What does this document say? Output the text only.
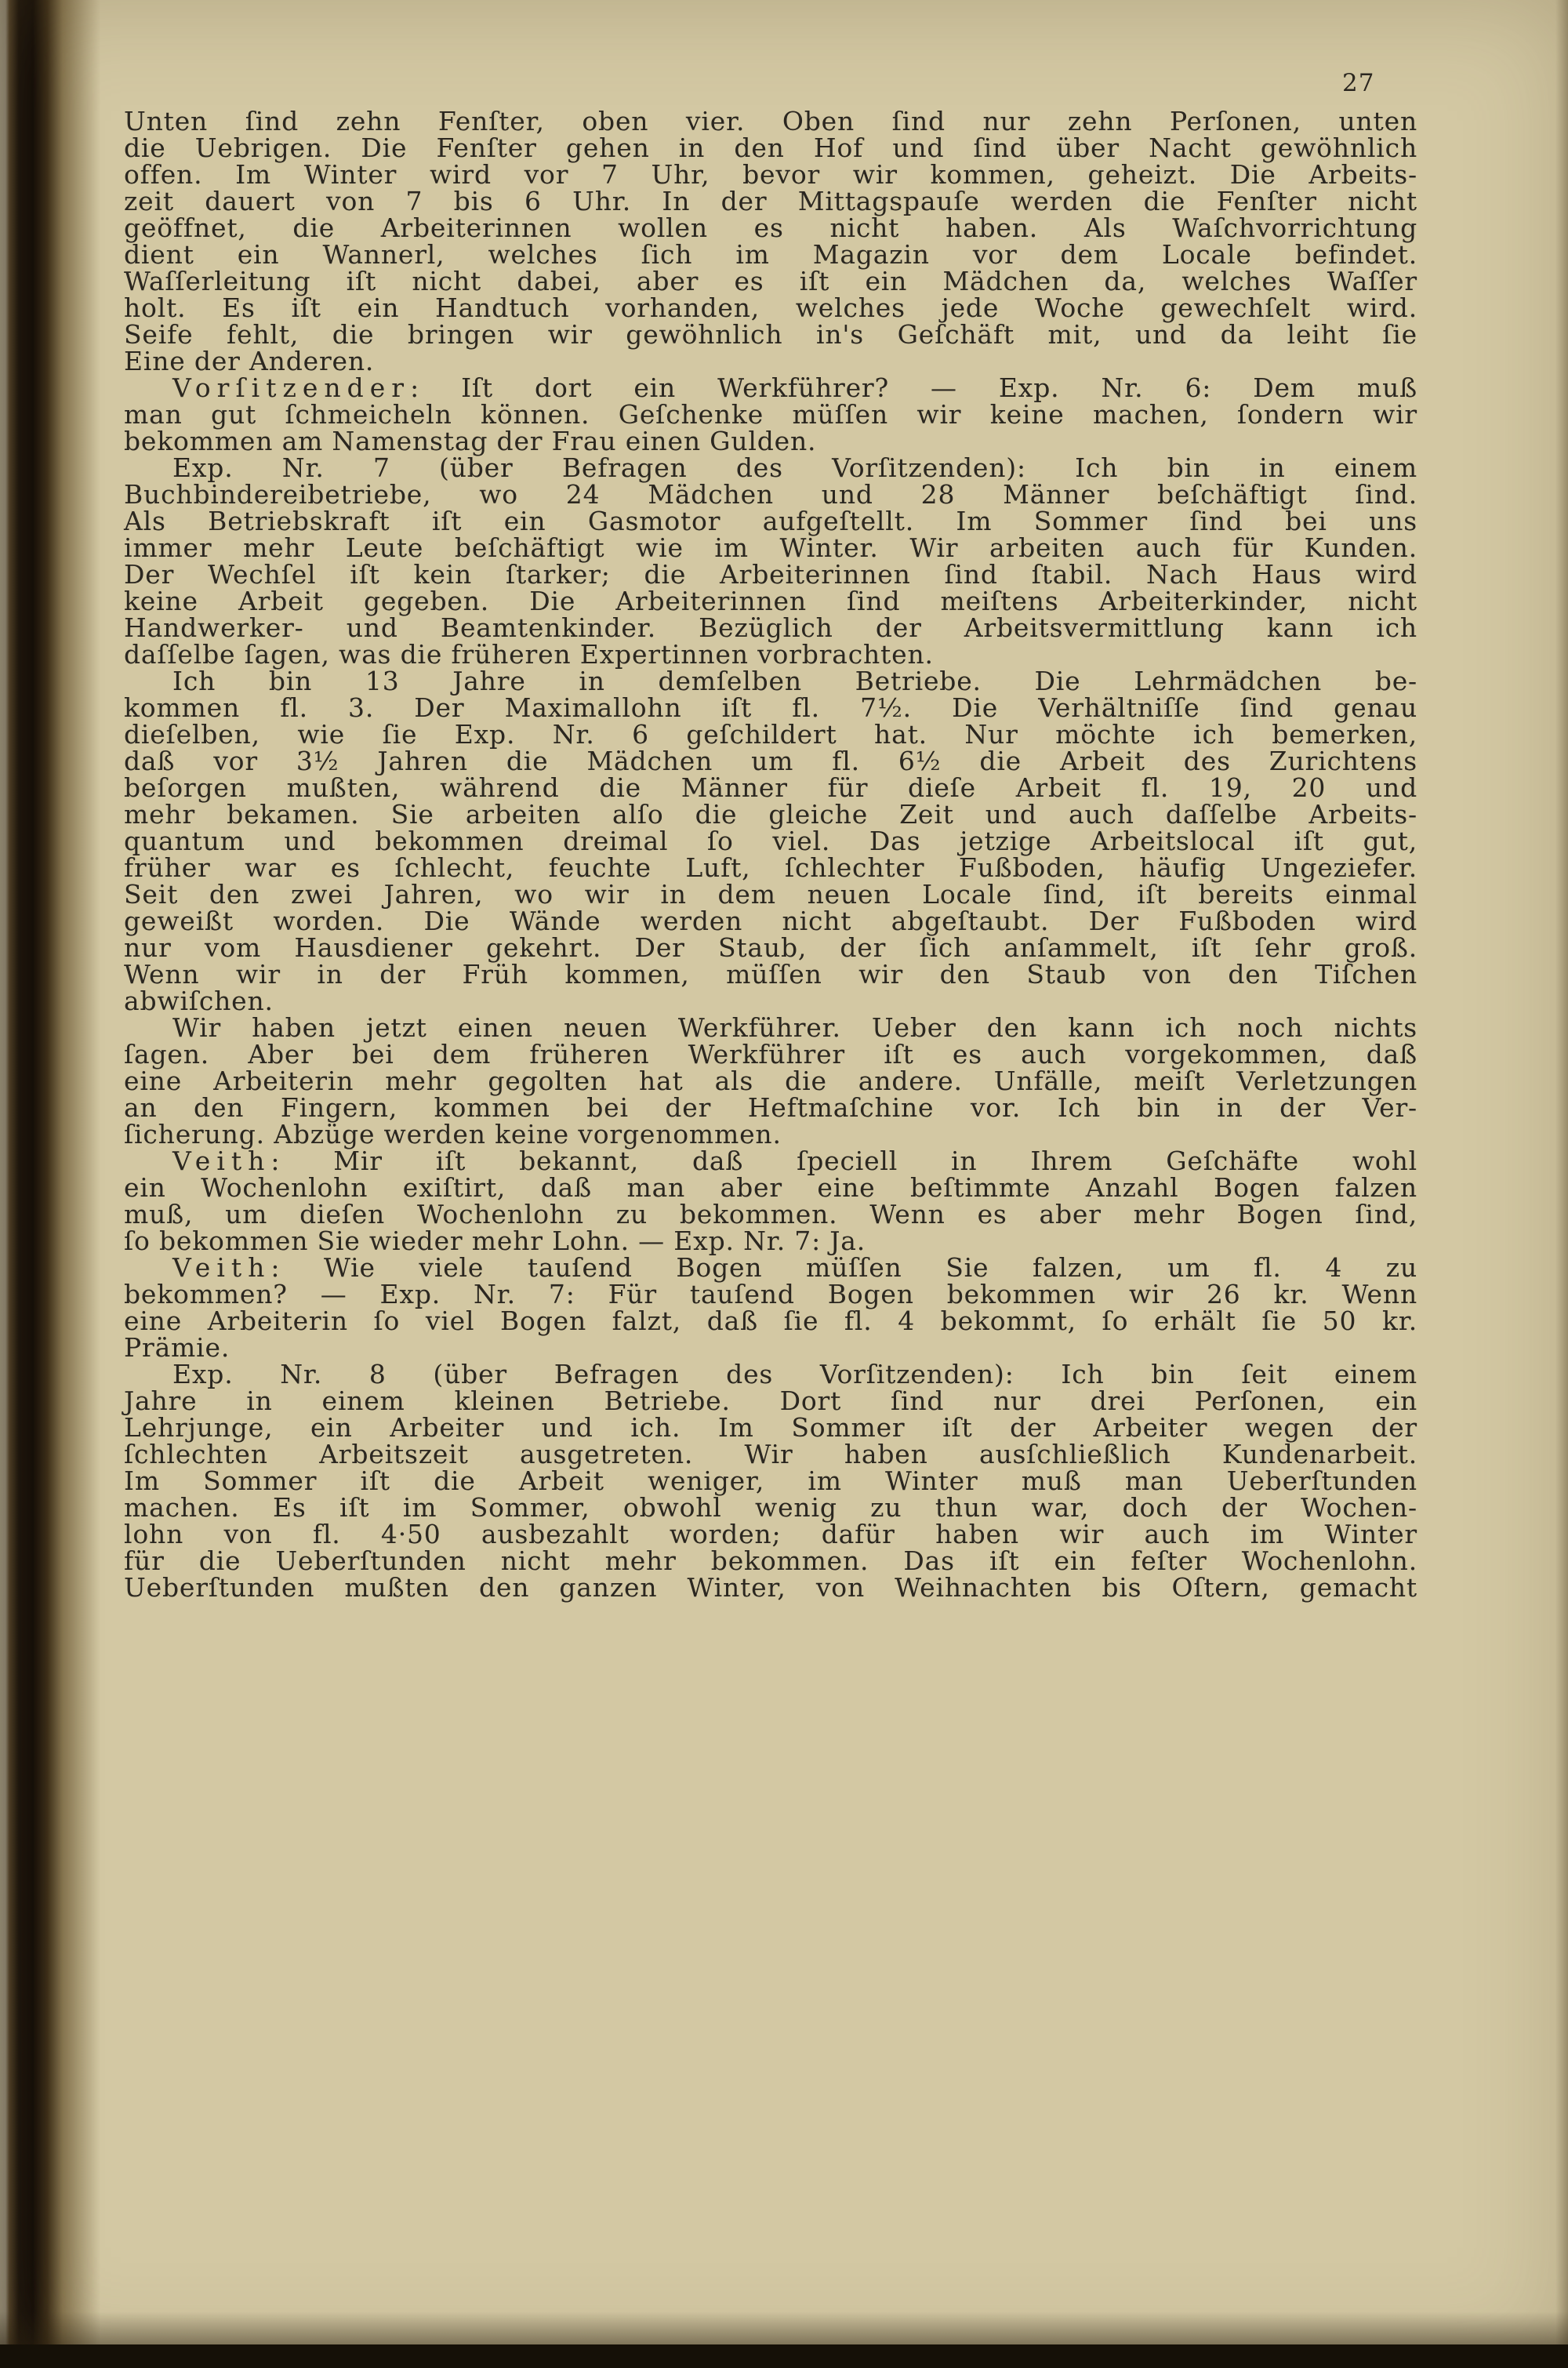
27
Unten ſind zehn Fenſter, oben vier. Oben ſind nur zehn Perſonen, unten
die Uebrigen. Die Fenſter gehen in den Hof und ſind über Nacht gewöhnlich
offen. Im Winter wird vor 7 Uhr, bevor wir kommen, geheizt. Die Arbeits-
zeit dauert von 7 bis 6 Uhr. In der Mittagspauſe werden die Fenſter nicht
geöffnet, die Arbeiterinnen wollen es nicht haben. Als Waſchvorrichtung
dient ein Wannerl, welches ſich im Magazin vor dem Locale befindet.
Waſſerleitung iſt nicht dabei, aber es iſt ein Mädchen da, welches Waſſer
holt. Es iſt ein Handtuch vorhanden, welches jede Woche gewechſelt wird.
Seife fehlt, die bringen wir gewöhnlich in's Geſchäft mit, und da leiht ſie
Eine der Anderen.
Vorſitzender: Iſt dort ein Werkführer? — Exp. Nr. 6: Dem muß
man gut ſchmeicheln können. Geſchenke müſſen wir keine machen, ſondern wir
bekommen am Namenstag der Frau einen Gulden.
Exp. Nr. 7 (über Befragen des Vorſitzenden): Ich bin in einem
Buchbindereibetriebe, wo 24 Mädchen und 28 Männer beſchäftigt ſind.
Als Betriebskraft iſt ein Gasmotor aufgeſtellt. Im Sommer ſind bei uns
immer mehr Leute beſchäftigt wie im Winter. Wir arbeiten auch für Kunden.
Der Wechſel iſt kein ſtarker; die Arbeiterinnen ſind ſtabil. Nach Haus wird
keine Arbeit gegeben. Die Arbeiterinnen ſind meiſtens Arbeiterkinder, nicht
Handwerker- und Beamtenkinder. Bezüglich der Arbeitsvermittlung kann ich
daſſelbe ſagen, was die früheren Expertinnen vorbrachten.
Ich bin 13 Jahre in demſelben Betriebe. Die Lehrmädchen be-
kommen fl. 3. Der Maximallohn iſt fl. 7½. Die Verhältniſſe ſind genau
dieſelben, wie ſie Exp. Nr. 6 geſchildert hat. Nur möchte ich bemerken,
daß vor 3½ Jahren die Mädchen um fl. 6½ die Arbeit des Zurichtens
beſorgen mußten, während die Männer für dieſe Arbeit fl. 19, 20 und
mehr bekamen. Sie arbeiten alſo die gleiche Zeit und auch daſſelbe Arbeits-
quantum und bekommen dreimal ſo viel. Das jetzige Arbeitslocal iſt gut,
früher war es ſchlecht, feuchte Luft, ſchlechter Fußboden, häufig Ungeziefer.
Seit den zwei Jahren, wo wir in dem neuen Locale ſind, iſt bereits einmal
geweißt worden. Die Wände werden nicht abgeſtaubt. Der Fußboden wird
nur vom Hausdiener gekehrt. Der Staub, der ſich anſammelt, iſt ſehr groß.
Wenn wir in der Früh kommen, müſſen wir den Staub von den Tiſchen
abwiſchen.
Wir haben jetzt einen neuen Werkführer. Ueber den kann ich noch nichts
ſagen. Aber bei dem früheren Werkführer iſt es auch vorgekommen, daß
eine Arbeiterin mehr gegolten hat als die andere. Unfälle, meiſt Verletzungen
an den Fingern, kommen bei der Heftmaſchine vor. Ich bin in der Ver-
ſicherung. Abzüge werden keine vorgenommen.
Veith: Mir iſt bekannt, daß ſpeciell in Ihrem Geſchäfte wohl
ein Wochenlohn exiſtirt, daß man aber eine beſtimmte Anzahl Bogen falzen
muß, um dieſen Wochenlohn zu bekommen. Wenn es aber mehr Bogen ſind,
ſo bekommen Sie wieder mehr Lohn. — Exp. Nr. 7: Ja.
Veith: Wie viele tauſend Bogen müſſen Sie falzen, um fl. 4 zu
bekommen? — Exp. Nr. 7: Für tauſend Bogen bekommen wir 26 kr. Wenn
eine Arbeiterin ſo viel Bogen falzt, daß ſie fl. 4 bekommt, ſo erhält ſie 50 kr.
Prämie.
Exp. Nr. 8 (über Befragen des Vorſitzenden): Ich bin ſeit einem
Jahre in einem kleinen Betriebe. Dort ſind nur drei Perſonen, ein
Lehrjunge, ein Arbeiter und ich. Im Sommer iſt der Arbeiter wegen der
ſchlechten Arbeitszeit ausgetreten. Wir haben ausſchließlich Kundenarbeit.
Im Sommer iſt die Arbeit weniger, im Winter muß man Ueberſtunden
machen. Es iſt im Sommer, obwohl wenig zu thun war, doch der Wochen-
lohn von fl. 4·50 ausbezahlt worden; dafür haben wir auch im Winter
für die Ueberſtunden nicht mehr bekommen. Das iſt ein feſter Wochenlohn.
Ueberſtunden mußten den ganzen Winter, von Weihnachten bis Oſtern, gemacht
